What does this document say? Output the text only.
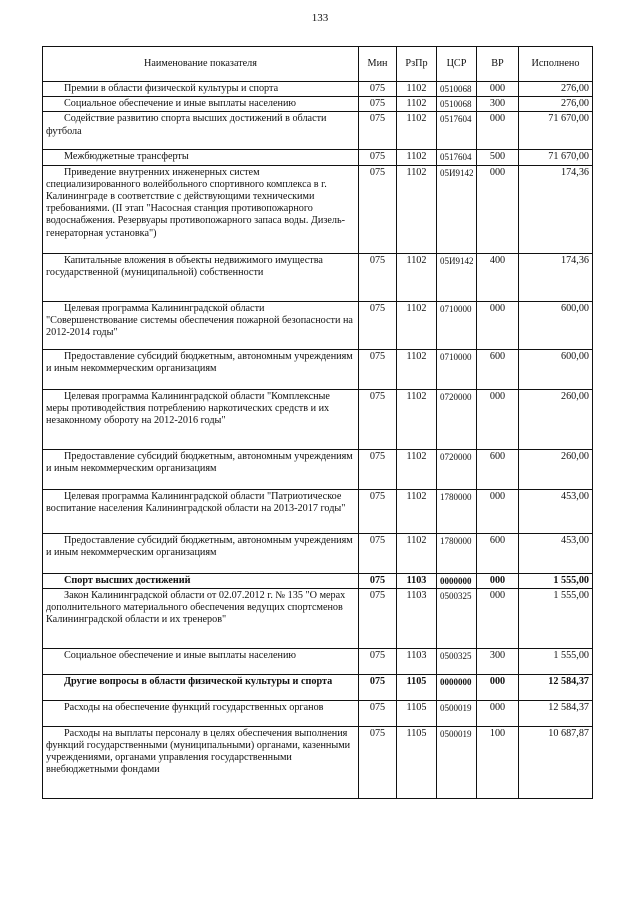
133
Наименование показателя	Мин	РзПр	ЦСР	ВР	Исполнено

Премии в области физической культуры и спорта	075	1102	0510068	000	276,00

Социальное обеспечение и иные выплаты населению	075	1102	0510068	300	276,00

Содействие развитию спорта высших достижений в области футбола	075	1102	0517604	000	71 670,00

Межбюджетные трансферты	075	1102	0517604	500	71 670,00

Приведение внутренних инженерных систем специализированного волейбольного спортивного комплекса в г. Калининграде в соответствие с действующими техническими требованиями. (II этап "Насосная станция противопожарного водоснабжения. Резервуары противопожарного запаса воды. Дизель-генераторная установка")	075	1102	05И9142	000	174,36

Капитальные вложения в объекты недвижимого имущества государственной (муниципальной) собственности	075	1102	05И9142	400	174,36

Целевая программа Калининградской области "Совершенствование системы обеспечения пожарной безопасности на 2012-2014 годы"	075	1102	0710000	000	600,00

Предоставление субсидий бюджетным, автономным учреждениям и иным некоммерческим организациям	075	1102	0710000	600	600,00

Целевая программа Калининградской области "Комплексные меры противодействия потреблению наркотических средств и их незаконному обороту на 2012-2016 годы"	075	1102	0720000	000	260,00

Предоставление субсидий бюджетным, автономным учреждениям и иным некоммерческим организациям	075	1102	0720000	600	260,00

Целевая программа Калининградской области "Патриотическое воспитание населения Калининградской области на 2013-2017 годы"	075	1102	1780000	000	453,00

Предоставление субсидий бюджетным, автономным учреждениям и иным некоммерческим организациям	075	1102	1780000	600	453,00

Спорт высших достижений	075	1103	0000000	000	1 555,00

Закон Калининградской области от 02.07.2012 г. № 135 "О мерах дополнительного материального обеспечения ведущих спортсменов Калининградской области и их тренеров"	075	1103	0500325	000	1 555,00

Социальное обеспечение и иные выплаты населению	075	1103	0500325	300	1 555,00

Другие вопросы в области физической культуры и спорта	075	1105	0000000	000	12 584,37

Расходы на обеспечение функций государственных органов	075	1105	0500019	000	12 584,37

Расходы на выплаты персоналу в целях обеспечения выполнения функций государственными (муниципальными) органами, казенными учреждениями, органами управления государственными внебюджетными фондами	075	1105	0500019	100	10 687,87
